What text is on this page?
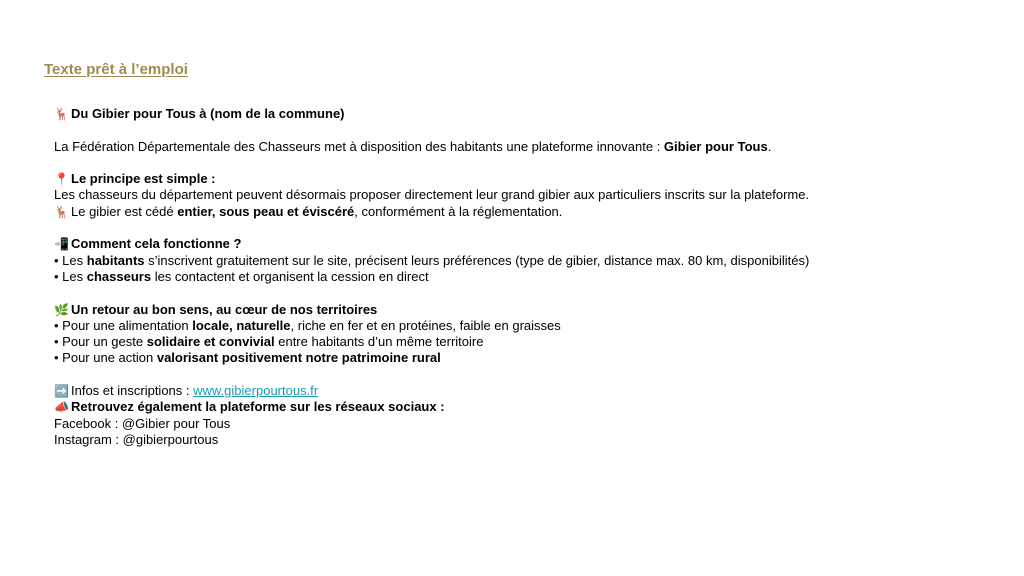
Texte prêt à l’emploi
🦌 Du Gibier pour Tous à (nom de la commune)
La Fédération Départementale des Chasseurs met à disposition des habitants une plateforme innovante : Gibier pour Tous.
📍 Le principe est simple :
Les chasseurs du département peuvent désormais proposer directement leur grand gibier aux particuliers inscrits sur la plateforme.
🦌 Le gibier est cédé entier, sous peau et éviscéré, conformément à la réglementation.
📲 Comment cela fonctionne ?
• Les habitants s’inscrivent gratuitement sur le site, précisent leurs préférences (type de gibier, distance max. 80 km, disponibilités)
• Les chasseurs les contactent et organisent la cession en direct
🌿 Un retour au bon sens, au cœur de nos territoires
• Pour une alimentation locale, naturelle, riche en fer et en protéines, faible en graisses
• Pour un geste solidaire et convivial entre habitants d’un même territoire
• Pour une action valorisant positivement notre patrimoine rural
➡️ Infos et inscriptions : www.gibierpourtous.fr
📣 Retrouvez également la plateforme sur les réseaux sociaux :
Facebook : @Gibier pour Tous
Instagram : @gibierpourtous
